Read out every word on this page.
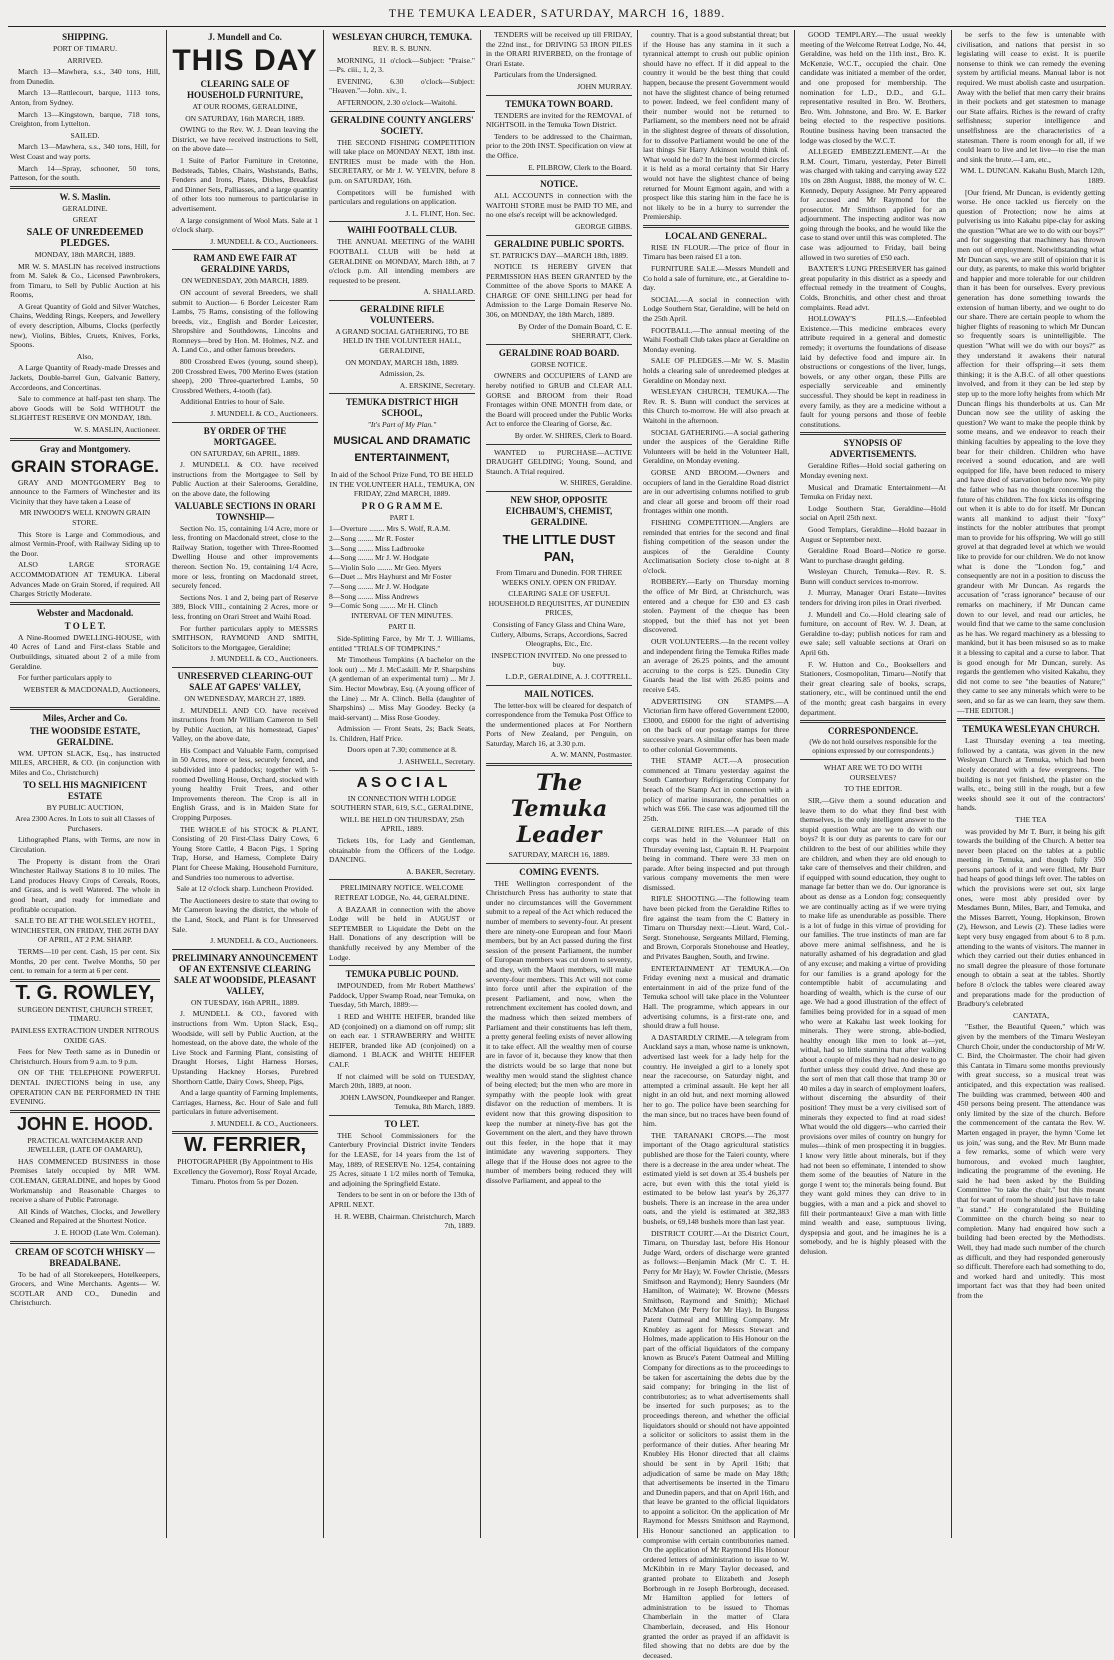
THE TEMUKA LEADER, SATURDAY, MARCH 16, 1889.

SHIPPING.

PORT OF TIMARU.

ARRIVED.

March 13—Mawhera, s.s., 340 tons, Hill, from Dunedin.

March 13—Rattlecourt, barque, 1113 tons, Anton, from Sydney.

March 13—Kingstown, barque, 718 tons, Creighton, from Lyttelton.

SAILED.

March 13—Mawhera, s.s., 340 tons, Hill, for West Coast and way ports.

March 14—Spray, schooner, 50 tons, Patteson, for the south.

W. S. Maslin.

GERALDINE.

GREAT

SALE OF UNREDEEMED PLEDGES.

MONDAY, 18th MARCH, 1889.

MR W. S. MASLIN has received instructions from M. Salek & Co., Licensed Pawnbrokers, from Timaru, to Sell by Public Auction at his Rooms,

A Great Quantity of Gold and Silver Watches, Chains, Wedding Rings, Keepers, and Jewellery of every description, Albums, Clocks (perfectly new), Violins, Bibles, Cruets, Knives, Forks, Spoons.

Also,

A Large Quantity of Ready-made Dresses and Jackets, Double-barrel Gun, Galvanic Battery, Accordeons, and Concertinas.

Sale to commence at half-past ten sharp. The above Goods will be Sold WITHOUT the SLIGHTEST RESERVE ON MONDAY, 18th.

W. S. MASLIN, Auctioneer.

Gray and Montgomery.

GRAIN STORAGE.

GRAY AND MONTGOMERY Beg to announce to the Farmers of Winchester and its Vicinity that they have taken a Lease of

MR INWOOD'S WELL KNOWN GRAIN STORE.

This Store is Large and Commodious, and almost Vermin-Proof, with Railway Siding up to the Door.

ALSO LARGE STORAGE ACCOMMODATION AT TEMUKA. Liberal Advances Made on Grain Stored, if required. All Charges Strictly Moderate.

Webster and Macdonald.

T O L E T.

A Nine-Roomed DWELLING-HOUSE, with 40 Acres of Land and First-class Stable and Outbuildings, situated about 2 of a mile from Geraldine.

For further particulars apply to

WEBSTER & MACDONALD, Auctioneers, Geraldine.

Miles, Archer and Co.

THE WOODSIDE ESTATE, GERALDINE.

WM. UPTON SLACK, Esq., has instructed MILES, ARCHER, & CO. (in conjunction with Miles and Co., Christchurch)

TO SELL HIS MAGNIFICENT ESTATE

BY PUBLIC AUCTION,

Area 2300 Acres. In Lots to suit all Classes of Purchasers.

Lithographed Plans, with Terms, are now in Circulation.

The Property is distant from the Orari Winchester Railway Stations 8 to 10 miles. The Land produces Heavy Crops of Cereals, Roots, and Grass, and is well Watered. The whole in good heart, and ready for immediate and profitable occupation.

SALE TO BE AT THE WOLSELEY HOTEL, WINCHESTER, ON FRIDAY, THE 26TH DAY OF APRIL, AT 2 P.M. SHARP.

TERMS—10 per cent. Cash, 15 per cent. Six Months, 20 per cent. Twelve Months, 50 per cent. to remain for a term at 6 per cent.

T. G. ROWLEY,

SURGEON DENTIST, CHURCH STREET, TIMARU.

PAINLESS EXTRACTION UNDER NITROUS OXIDE GAS.

Fees for New Teeth same as in Dunedin or Christchurch. Hours from 9 a.m. to 9 p.m.

ON OF THE TELEPHONE POWERFUL DENTAL INJECTIONS being in use, any OPERATION CAN BE PERFORMED IN THE EVENING.

JOHN E. HOOD.

PRACTICAL WATCHMAKER AND JEWELLER, (LATE OF OAMARU),

HAS COMMENCED BUSINESS in those Premises lately occupied by MR WM. COLEMAN, GERALDINE, and hopes by Good Workmanship and Reasonable Charges to receive a share of Public Patronage.

All Kinds of Watches, Clocks, and Jewellery Cleaned and Repaired at the Shortest Notice.

J. E. HOOD (Late Wm. Coleman).

CREAM OF SCOTCH WHISKY — BREADALBANE.

To be had of all Storekeepers, Hotelkeepers, Grocers, and Wine Merchants. Agents— W. SCOTLAR AND CO., Dunedin and Christchurch.

J. Mundell and Co.

THIS DAY

CLEARING SALE OF HOUSEHOLD FURNITURE,

AT OUR ROOMS, GERALDINE,

ON SATURDAY, 16th MARCH, 1889.

OWING to the Rev. W. J. Dean leaving the District, we have received instructions to Sell, on the above date—

1 Suite of Parlor Furniture in Cretonne, Bedsteads, Tables, Chairs, Washstands, Baths, Fenders and Irons, Plates, Dishes, Breakfast and Dinner Sets, Palliasses, and a large quantity of other lots too numerous to particularise in advertisement.

A large consignment of Wool Mats. Sale at 1 o'clock sharp.

J. MUNDELL & CO., Auctioneers.

RAM AND EWE FAIR AT GERALDINE YARDS,

ON WEDNESDAY, 20th MARCH, 1889.

ON account of several Breeders, we shall submit to Auction— 6 Border Leicester Ram Lambs, 75 Rams, consisting of the following breeds, viz., English and Border Leicester, Shropshire and Southdowns, Lincolns and Romneys—bred by Hon. M. Holmes, N.Z. and A. Land Co., and other famous breeders.

800 Crossbred Ewes (young, sound sheep), 200 Crossbred Ewes, 700 Merino Ewes (station sheep), 200 Three-quarterbred Lambs, 50 Crossbred Wethers, 4-tooth (fat).

Additional Entries to hour of Sale.

J. MUNDELL & CO., Auctioneers.

BY ORDER OF THE MORTGAGEE.

ON SATURDAY, 6th APRIL, 1889.

J. MUNDELL & CO. have received instructions from the Mortgagee to Sell by Public Auction at their Salerooms, Geraldine, on the above date, the following

VALUABLE SECTIONS IN ORARI TOWNSHIP—

Section No. 15, containing 1/4 Acre, more or less, fronting on Macdonald street, close to the Railway Station, together with Three-Roomed Dwelling House and other improvements thereon. Section No. 19, containing 1/4 Acre, more or less, fronting on Macdonald street, securely fenced.

Sections Nos. 1 and 2, being part of Reserve 389, Block VIII., containing 2 Acres, more or less, fronting on Orari Street and Waihi Road.

For further particulars apply to MESSRS SMITHSON, RAYMOND AND SMITH, Solicitors to the Mortgagee, Geraldine;

J. MUNDELL & CO., Auctioneers.

UNRESERVED CLEARING-OUT SALE AT GAPES' VALLEY,

ON WEDNESDAY, MARCH 27, 1889.

J. MUNDELL AND CO. have received instructions from Mr William Cameron to Sell by Public Auction, at his homestead, Gapes' Valley, on the above date,

His Compact and Valuable Farm, comprised in 50 Acres, more or less, securely fenced, and subdivided into 4 paddocks; together with 5-roomed Dwelling House, Orchard, stocked with young healthy Fruit Trees, and other Improvements thereon. The Crop is all in English Grass, and is in Maiden State for Cropping Purposes.

THE WHOLE of his STOCK & PLANT, Consisting of 20 First-Class Dairy Cows, 6 Young Store Cattle, 4 Bacon Pigs, 1 Spring Trap, Horse, and Harness, Complete Dairy Plant for Cheese Making, Household Furniture, and Sundries too numerous to advertise.

Sale at 12 o'clock sharp. Luncheon Provided.

The Auctioneers desire to state that owing to Mr Cameron leaving the district, the whole of the Land, Stock, and Plant is for Unreserved Sale.

J. MUNDELL & CO., Auctioneers.

PRELIMINARY ANNOUNCEMENT OF AN EXTENSIVE CLEARING SALE AT WOODSIDE, PLEASANT VALLEY,

ON TUESDAY, 16th APRIL, 1889.

J. MUNDELL & CO., favored with instructions from Wm. Upton Slack, Esq., Woodside, will sell by Public Auction, at the homestead, on the above date, the whole of the Live Stock and Farming Plant, consisting of Draught Horses, Light Harness Horses, Upstanding Hackney Horses, Purebred Shorthorn Cattle, Dairy Cows, Sheep, Pigs,

And a large quantity of Farming Implements, Carriages, Harness, &c. Hour of Sale and full particulars in future advertisement.

J. MUNDELL & CO., Auctioneers.

W. FERRIER,

PHOTOGRAPHER (By Appointment to His Excellency the Governor), Ross' Royal Arcade, Timaru. Photos from 5s per Dozen.

WESLEYAN CHURCH, TEMUKA.

REV. R. S. BUNN.

MORNING, 11 o'clock—Subject: "Praise." —Ps. ciii., 1, 2, 3.

EVENING, 6.30 o'clock—Subject: "Heaven."—John. xiv., 1.

AFTERNOON, 2.30 o'clock—Waitohi.

GERALDINE COUNTY ANGLERS' SOCIETY.

THE SECOND FISHING COMPETITION will take place on MONDAY NEXT, 18th inst. ENTRIES must be made with the Hon. SECRETARY, or Mr J. W. YELVIN, before 8 p.m. on SATURDAY, 16th.

Competitors will be furnished with particulars and regulations on application.

J. L. FLINT, Hon. Sec.

WAIHI FOOTBALL CLUB.

THE ANNUAL MEETING of the WAIHI FOOTBALL CLUB will be held at GERALDINE on MONDAY, March 18th, at 7 o'clock p.m. All intending members are requested to be present.

A. SHALLARD.

GERALDINE RIFLE VOLUNTEERS.

A GRAND SOCIAL GATHERING, TO BE HELD IN THE VOLUNTEER HALL, GERALDINE,

ON MONDAY, MARCH 18th, 1889.

Admission, 2s.

A. ERSKINE, Secretary.

TEMUKA DISTRICT HIGH SCHOOL,

"It's Part of My Plan."

MUSICAL AND DRAMATIC ENTERTAINMENT,

In aid of the School Prize Fund, TO BE HELD IN THE VOLUNTEER HALL, TEMUKA, ON FRIDAY, 22nd MARCH, 1889.

P R O G R A M M E.

PART I.

1—Overture ........ Mrs S. Wolf, R.A.M.

2—Song ........ Mr R. Foster

3—Song ........ Miss Ladbrooke

4—Song ........ Mr J. W. Hodgate

5—Violin Solo ........ Mr Geo. Myers

6—Duet ... Mrs Hayhurst and Mr Foster

7—Song ........ Mr J. W. Hodgate

8—Song ........ Miss Andrews

9—Comic Song ........ Mr H. Clinch

INTERVAL OF TEN MINUTES.

PART II.

Side-Splitting Farce, by Mr T. J. Williams, entitled "TRIALS OF TOMPKINS."

Mr Timotheus Tompkins (A bachelor on the look out) ... Mr J. McCaskill. Mr P. Sharpshins (A gentleman of an experimental turn) ... Mr J. Sim. Hector Mowbray, Esq. (A young officer of the Line) ... Mr A. Clinch. Bella (daughter of Sharpshins) ... Miss May Goodey. Becky (a maid-servant) ... Miss Rose Goodey.

Admission — Front Seats, 2s; Back Seats, 1s. Children, Half Price.

Doors open at 7.30; commence at 8.

J. ASHWELL, Secretary.

A S O C I A L

IN CONNECTION WITH LODGE SOUTHERN STAR, 619, S.C., GERALDINE,

WILL BE HELD ON THURSDAY, 25th APRIL, 1889.

Tickets 10s, for Lady and Gentleman, obtainable from the Officers of the Lodge. DANCING.

A. BAKER, Secretary.

PRELIMINARY NOTICE. WELCOME RETREAT LODGE, No. 44, GERALDINE.

A BAZAAR in connection with the above Lodge will be held in AUGUST or SEPTEMBER to Liquidate the Debt on the Hall. Donations of any description will be thankfully received by any Member of the Lodge.

TEMUKA PUBLIC POUND.

IMPOUNDED, from Mr Robert Matthews' Paddock, Upper Swamp Road, near Temuka, on Tuesday, 5th March, 1889:—

1 RED and WHITE HEIFER, branded like AD (conjoined) on a diamond on off rump; slit on each ear. 1 STRAWBERRY and WHITE HEIFER, branded like AD (conjoined) on a diamond. 1 BLACK and WHITE HEIFER CALF.

If not claimed will be sold on TUESDAY, March 20th, 1889, at noon.

JOHN LAWSON, Poundkeeper and Ranger. Temuka, 8th March, 1889.

TO LET.

THE School Commissioners for the Canterbury Provincial District invite Tenders for the LEASE, for 14 years from the 1st of May, 1889, of RESERVE No. 1254, containing 25 Acres, situate 1 1/2 miles north of Temuka, and adjoining the Springfield Estate.

Tenders to be sent in on or before the 13th of APRIL NEXT.

H. R. WEBB, Chairman. Christchurch, March 7th, 1889.

TENDERS will be received up till FRIDAY, the 22nd inst., for DRIVING 53 IRON PILES in the ORARI RIVERBED, on the frontage of Orari Estate.

Particulars from the Undersigned.

JOHN MURRAY.

TEMUKA TOWN BOARD.

TENDERS are invited for the REMOVAL of NIGHTSOIL in the Temuka Town District.

Tenders to be addressed to the Chairman, prior to the 20th INST. Specification on view at the Office.

E. PILBROW, Clerk to the Board.

NOTICE.

ALL ACCOUNTS in connection with the WAITOHI STORE must be PAID TO ME, and no one else's receipt will be acknowledged.

GEORGE GIBBS.

GERALDINE PUBLIC SPORTS.

ST. PATRICK'S DAY—MARCH 18th, 1889.

NOTICE IS HEREBY GIVEN that PERMISSION HAS BEEN GRANTED by the Committee of the above Sports to MAKE A CHARGE OF ONE SHILLING per head for Admission to the Large Domain Reserve No. 306, on MONDAY, the 18th March, 1889.

By Order of the Domain Board, C. E. SHERRATT, Clerk.

GERALDINE ROAD BOARD.

GORSE NOTICE.

OWNERS and OCCUPIERS of LAND are hereby notified to GRUB and CLEAR ALL GORSE and BROOM from their Road Frontages within ONE MONTH from date, or the Board will proceed under the Public Works Act to enforce the Clearing of Gorse, &c.

By order. W. SHIRES, Clerk to Board.

WANTED to PURCHASE—ACTIVE DRAUGHT GELDING; Young, Sound, and Staunch. A Trial required.

W. SHIRES, Geraldine.

NEW SHOP, OPPOSITE EICHBAUM'S, CHEMIST, GERALDINE.

THE LITTLE DUST PAN,

From Timaru and Dunedin. FOR THREE WEEKS ONLY. OPEN ON FRIDAY.

CLEARING SALE OF USEFUL HOUSEHOLD REQUISITES, AT DUNEDIN PRICES,

Consisting of Fancy Glass and China Ware, Cutlery, Albums, Scraps, Accordions, Sacred Oleographs, Etc., Etc.

INSPECTION INVITED. No one pressed to buy.

L.D.P., GERALDINE, A. J. COTTRELL.

MAIL NOTICES.

The letter-box will be cleared for despatch of correspondence from the Temuka Post Office to the undermentioned places at For Northern Ports of New Zealand, per Penguin, on Saturday, March 16, at 3.30 p.m.

A. W. MANN, Postmaster.

The Temuka Leader

SATURDAY, MARCH 16, 1889.

COMING EVENTS.

THE Wellington correspondent of the Christchurch Press has authority to state that under no circumstances will the Government submit to a repeal of the Act which reduced the number of members to seventy-four. At present there are ninety-one European and four Maori members, but by an Act passed during the first session of the present Parliament, the number of European members was cut down to seventy, and they, with the Maori members, will make seventy-four members. This Act will not come into force until after the expiration of the present Parliament, and now, when the retrenchment excitement has cooled down, and the madness which then seized members of Parliament and their constituents has left them, a pretty general feeling exists of never allowing it to take effect. All the wealthy men of course are in favor of it, because they know that then the districts would be so large that none but wealthy men would stand the slightest chance of being elected; but the men who are more in sympathy with the people look with great disfavor on the reduction of members. It is evident now that this growing disposition to keep the number at ninety-five has got the Government on the alert, and they have thrown out this feeler, in the hope that it may intimidate any wavering supporters. They allege that if the House does not agree to the number of members being reduced they will dissolve Parliament, and appeal to the

country. That is a good substantial threat; but if the House has any stamina in it such a tyrannical attempt to crush out public opinion should have no effect. If it did appeal to the country it would be the best thing that could happen, because the present Government would not have the slightest chance of being returned to power. Indeed, we feel confident many of their number would not be returned to Parliament, so the members need not be afraid in the slightest degree of threats of dissolution, for to dissolve Parliament would be one of the last things Sir Harry Atkinson would think of. What would he do? In the best informed circles it is held as a moral certainty that Sir Harry would not have the slightest chance of being returned for Mount Egmont again, and with a prospect like this staring him in the face he is not likely to be in a hurry to surrender the Premiership.

LOCAL AND GENERAL.

RISE IN FLOUR.—The price of flour in Timaru has been raised £1 a ton.

FURNITURE SALE.—Messrs Mundell and Co hold a sale of furniture, etc., at Geraldine to-day.

SOCIAL.—A social in connection with Lodge Southern Star, Geraldine, will be held on the 25th April.

FOOTBALL.—The annual meeting of the Waihi Football Club takes place at Geraldine on Monday evening.

SALE OF PLEDGES.—Mr W. S. Maslin holds a clearing sale of unredeemed pledges at Geraldine on Monday next.

WESLEYAN CHURCH, TEMUKA.—The Rev. R. S. Bunn will conduct the services at this Church to-morrow. He will also preach at Waitohi in the afternoon.

SOCIAL GATHERING.—A social gathering under the auspices of the Geraldine Rifle Volunteers will be held in the Volunteer Hall, Geraldine, on Monday evening.

GORSE AND BROOM.—Owners and occupiers of land in the Geraldine Road district are in our advertising columns notified to grub and clear all gorse and broom off their road frontages within one month.

FISHING COMPETITION.—Anglers are reminded that entries for the second and final fishing competition of the season under the auspices of the Geraldine County Acclimatisation Society close to-night at 8 o'clock.

ROBBERY.—Early on Thursday morning the office of Mr Bird, at Christchurch, was entered and a cheque for £30 and £3 cash stolen. Payment of the cheque has been stopped, but the thief has not yet been discovered.

OUR VOLUNTEERS.—In the recent volley and independent firing the Temuka Rifles made an average of 26.25 points, and the amount accruing to the corps is £25. Dunedin City Guards head the list with 26.85 points and receive £45.

ADVERTISING ON STAMPS.—A Victorian firm have offered Government £2000, £3000, and £6000 for the right of advertising on the back of our postage stamps for three successive years. A similar offer has been made to other colonial Governments.

THE STAMP ACT.—A prosecution commenced at Timaru yesterday against the South Canterbury Refrigerating Company for breach of the Stamp Act in connection with a policy of marine insurance, the penalties on which was £66. The case was adjourned till the 25th.

GERALDINE RIFLES.—A parade of this corps was held in the Volunteer Hall on Thursday evening last, Captain R. H. Pearpoint being in command. There were 33 men on parade. After being inspected and put through various company movements the men were dismissed.

RIFLE SHOOTING.—The following team have been picked from the Geraldine Rifles to fire against the team from the C Battery in Timaru on Thursday next:—Lieut. Ward, Col.-Sergt. Stonehouse, Sergeants Millard, Fleming, and Brown, Corporals Stonehouse and Heatley, and Privates Baughen, South, and Irwine.

ENTERTAINMENT AT TEMUKA.—On Friday evening next a musical and dramatic entertainment in aid of the prize fund of the Temuka school will take place in the Volunteer Hall. The programme, which appears in our advertising columns, is a first-rate one, and should draw a full house.

A DASTARDLY CRIME.—A telegram from Auckland says a man, whose name is unknown, advertised last week for a lady help for the country. He inveigled a girl to a lonely spot near the racecourse, on Saturday night, and attempted a criminal assault. He kept her all night in an old hut, and next morning allowed her to go. The police have been searching for the man since, but no traces have been found of him.

THE TARANAKI CROPS.—The most important of the Otago agricultural statistics published are those for the Taieri county, where there is a decrease in the area under wheat. The estimated yield is set down at 35.4 bushels per acre, but even with this the total yield is estimated to be below last year's by 26,377 bushels. There is an increase in the area under oats, and the yield is estimated at 382,383 bushels, or 69,148 bushels more than last year.

DISTRICT COURT.—At the District Court, Timaru, on Thursday last, before His Honour Judge Ward, orders of discharge were granted as follows:—Benjamin Mack (Mr C. T. H. Perry for Mr Hay); W. Fowler Christie, (Messrs Smithson and Raymond); Henry Saunders (Mr Hamilton, of Waimate); W. Browne (Messrs Smithson, Raymond and Smith); Michael McMahon (Mr Perry for Mr Hay). In Burgess Patent Oatmeal and Milling Company. Mr Knubley as agent for Messrs Stewart and Holmes, made application to His Honour on the part of the official liquidators of the company known as Bruce's Patent Oatmeal and Milling Company for directions as to the proceedings to be taken for ascertaining the debts due by the said company; for bringing in the list of contributories; as to what advertisements shall be inserted for such purposes; as to the proceedings thereon, and whether the official liquidators should or should not have appointed a solicitor or solicitors to assist them in the performance of their duties. After hearing Mr Knubley His Honor directed that all claims should be sent in by April 16th; that adjudication of same be made on May 18th; that advertisements be inserted in the Timaru and Dunedin papers, and that on April 16th, and that leave be granted to the official liquidators to appoint a solicitor. On the application of Mr Raymond for Messrs Smithson and Raymond, His Honour sanctioned an application to compromise with certain contributories named. On the application of Mr Raymond His Honour ordered letters of administration to issue to W. McKibbin in re Mary Taylor deceased, and granted probate to Elizabeth and Joseph Borbrough in re Joseph Borbrough, deceased. Mr Hamilton applied for letters of administration to be issued to Thomas Chamberlain in the matter of Clara Chamberlain, deceased, and His Honour granted the order as prayed if an affidavit is filed showing that no debts are due by the deceased.

GOOD TEMPLARY.—The usual weekly meeting of the Welcome Retreat Lodge, No. 44, Geraldine, was held on the 11th inst., Bro. K. McKenzie, W.C.T., occupied the chair. One candidate was initiated a member of the order, and one proposed for membership. The nomination for L.D., D.D., and G.L. representative resulted in Bro. W. Brothers, Bro. Wm. Johnstone, and Bro. W. E. Barker being elected to the respective positions. Routine business having been transacted the lodge was closed by the W.C.T.

ALLEGED EMBEZZLEMENT.—At the R.M. Court, Timaru, yesterday, Peter Birrell was charged with taking and carrying away £22 10s on 28th August, 1888, the money of W. C. Kennedy, Deputy Assignee. Mr Perry appeared for accused and Mr Raymond for the prosecutor. Mr Smithson applied for an adjournment. The inspecting auditor was now going through the books, and he would like the case to stand over until this was completed. The case was adjourned to Friday, bail being allowed in two sureties of £50 each.

BAXTER'S LUNG PRESERVER has gained great popularity in this district as a speedy and effectual remedy in the treatment of Coughs, Colds, Bronchitis, and other chest and throat complaints. Read advt.

HOLLOWAY'S PILLS.—Enfeebled Existence.—This medicine embraces every attribute required in a general and domestic remedy; it overturns the foundations of disease laid by defective food and impure air. In obstructions or congestions of the liver, lungs, bowels, or any other organ, these Pills are especially serviceable and eminently successful. They should be kept in readiness in every family, as they are a medicine without a fault for young persons and those of feeble constitutions.

SYNOPSIS OF ADVERTISEMENTS.

Geraldine Rifles—Hold social gathering on Monday evening next.

Musical and Dramatic Entertainment—At Temuka on Friday next.

Lodge Southern Star, Geraldine—Hold social on April 25th next.

Good Templars, Geraldine—Hold bazaar in August or September next.

Geraldine Road Board—Notice re gorse. Want to purchase draught gelding.

Wesleyan Church, Temuka—Rev. R. S. Bunn will conduct services to-morrow.

J. Murray, Manager Orari Estate—Invites tenders for driving iron piles in Orari riverbed.

J. Mundell and Co.—Hold clearing sale of furniture, on account of Rev. W. J. Dean, at Geraldine to-day; publish notices for ram and ewe sale; sell valuable sections at Orari on April 6th.

F. W. Hutton and Co., Booksellers and Stationers, Cosmopolitan, Timaru—Notify that their great clearing sale of books, scraps, stationery, etc., will be continued until the end of the month; great cash bargains in every department.

CORRESPONDENCE.

(We do not hold ourselves responsible for the opinions expressed by our correspondents.)

WHAT ARE WE TO DO WITH OURSELVES?

TO THE EDITOR.

SIR,—Give them a sound education and leave them to do what they find best with themselves, is the only intelligent answer to the stupid question What are we to do with our boys? It is our duty as parents to care for our children to the best of our abilities while they are children, and when they are old enough to take care of themselves and their children, and if equipped with sound education, they ought to manage far better than we do. Our ignorance is about as dense as a London fog; consequently we are continually acting as if we were trying to make life as unendurable as possible. There is a lot of fudge in this virtue of providing for our families. The true instincts of man are far above mere animal selfishness, and he is naturally ashamed of his degradation and glad of any excuse; and making a virtue of providing for our families is a grand apology for the contemptible habit of accumulating and hoarding of wealth, which is the curse of our age. We had a good illustration of the effect of families being provided for in a squad of men who were at Kakahu last week looking for minerals. They were strong, able-bodied, healthy enough like men to look at—yet, withal, had so little stamina that after walking about a couple of miles they had no desire to go further unless they could drive. And these are the sort of men that call those that tramp 30 or 40 miles a day in search of employment loafers, without discerning the absurdity of their position! They must be a very civilised sort of minerals they expected to find at road sides! What would the old diggers—who carried their provisions over miles of country on hungry for mules—think of men prospecting it in buggies. I know very little about minerals, but if they had not been so effeminate, I intended to show them some of the beauties of Nature in the gorge I went to; the minerals being found. But they want gold mines they can drive to in buggies, with a man and a pick and shovel to fill their portmanteaux! Give a man with little mind wealth and ease, sumptuous living, dyspepsia and gout, and he imagines he is a somebody, and he is highly pleased with the delusion.

be serfs to the few is untenable with civilisation, and nations that persist in so legislating will cease to exist. It is puerile nonsense to think we can remedy the evening system by artificial means. Manual labor is not required. We must abolish caste and usurpation. Away with the belief that men carry their brains in their pockets and get statesmen to manage our State affairs. Riches is the reward of crafty selfishness; superior intelligence and unselfishness are the characteristics of a statesman. There is room enough for all, if we could learn to live and let live—to rise the man and sink the brute.—I am, etc.,

WM. L. DUNCAN. Kakahu Bush, March 12th, 1889.

[Our friend, Mr Duncan, is evidently getting worse. He once tackled us fiercely on the question of Protection; now he aims at pulverising us into Kakahu pipe-clay for asking the question "What are we to do with our boys?" and for suggesting that machinery has thrown men out of employment. Notwithstanding what Mr Duncan says, we are still of opinion that it is our duty, as parents, to make this world brighter and happier and more tolerable for our children than it has been for ourselves. Every previous generation has done something towards the extension of human liberty, and we ought to do our share. There are certain people to whom the higher flights of reasoning to which Mr Duncan so frequently soars is unintelligible. The question "What will we do with our boys?" as they understand it awakens their natural affection for their offspring—it sets them thinking; it is the A.B.C. of all other questions involved, and from it they can be led step by step up to the more lofty heights from which Mr Duncan flings his thunderbolts at us. Can Mr Duncan now see the utility of asking the question? We want to make the people think by some means, and we endeavor to reach their thinking faculties by appealing to the love they bear for their children. Children who have received a sound education, and are well equipped for life, have been reduced to misery and have died of starvation before now. We pity the father who has no thought concerning the future of his children. The fox kicks its offspring out when it is able to do for itself. Mr Duncan wants all mankind to adjust their "foxy" instincts for the nobler attributes that prompt man to provide for his offspring. We will go still grovel at that degraded level at which we would like to provide for our children. We do not know what is done the "London fog," and consequently are not in a position to discuss the grandeur with Mr Duncan. As regards the accusation of "crass ignorance" because of our remarks on machinery, if Mr Duncan came down to our level, and read our articles, he would find that we came to the same conclusion as he has. We regard machinery as a blessing to mankind, but it has been misused so as to make it a blessing to capital and a curse to labor. That is good enough for Mr Duncan, surely. As regards the gentlemen who visited Kakahu, they did not come to see "the beauties of Nature;" they came to see any minerals which were to be seen, and so far as we can learn, they saw them.—THE EDITOR.]

TEMUKA WESLEYAN CHURCH.

Last Thursday evening a tea meeting, followed by a cantata, was given in the new Wesleyan Church at Temuka, which had been nicely decorated with a few evergreens. The building is not yet finished, the plaster on the walls, etc., being still in the rough, but a few weeks should see it out of the contractors' hands.

THE TEA

was provided by Mr T. Burr, it being his gift towards the building of the Church. A better tea never been placed on the tables at a public meeting in Temuka, and though fully 350 persons partook of it and were filled, Mr Burr had heaps of good things left over. The tables on which the provisions were set out, six large ones, were most ably presided over by Mesdames Bunn, Miles, Barr, and Temuka, and the Misses Barrett, Young, Hopkinson, Brown (2), Hewson, and Lewis (2). These ladies were kept very busy engaged from about 6 to 8 p.m. attending to the wants of visitors. The manner in which they carried out their duties enhanced in no small degree the pleasure of those fortunate enough to obtain a seat at the tables. Shortly before 8 o'clock the tables were cleared away and preparations made for the production of Bradbury's celebrated

CANTATA,

"Esther, the Beautiful Queen," which was given by the members of the Timaru Wesleyan Church Choir, under the conductorship of Mr W. C. Bird, the Choirmaster. The choir had given this Cantata in Timaru some months previously with great success, so a musical treat was anticipated, and this expectation was realised. The building was crammed, between 400 and 450 persons being present. The attendance was only limited by the size of the church. Before the commencement of the cantata the Rev. W. Marten engaged in prayer, the hymn 'Come let us join,' was sung, and the Rev. Mr Bunn made a few remarks, some of which were very humorous, and evoked much laughter, indicating the programme of the evening. He said he had been asked by the Building Committee "to take the chair," but this meant that for want of room he should just have to take "a stand." He congratulated the Building Committee on the church being so near to completion. Many had enquired how such a building had been erected by the Methodists. Well, they had made such number of the church as difficult, and they had responded generously so difficult. Therefore each had something to do, and worked hard and unitedly. This most important fact was that they had been united from the
